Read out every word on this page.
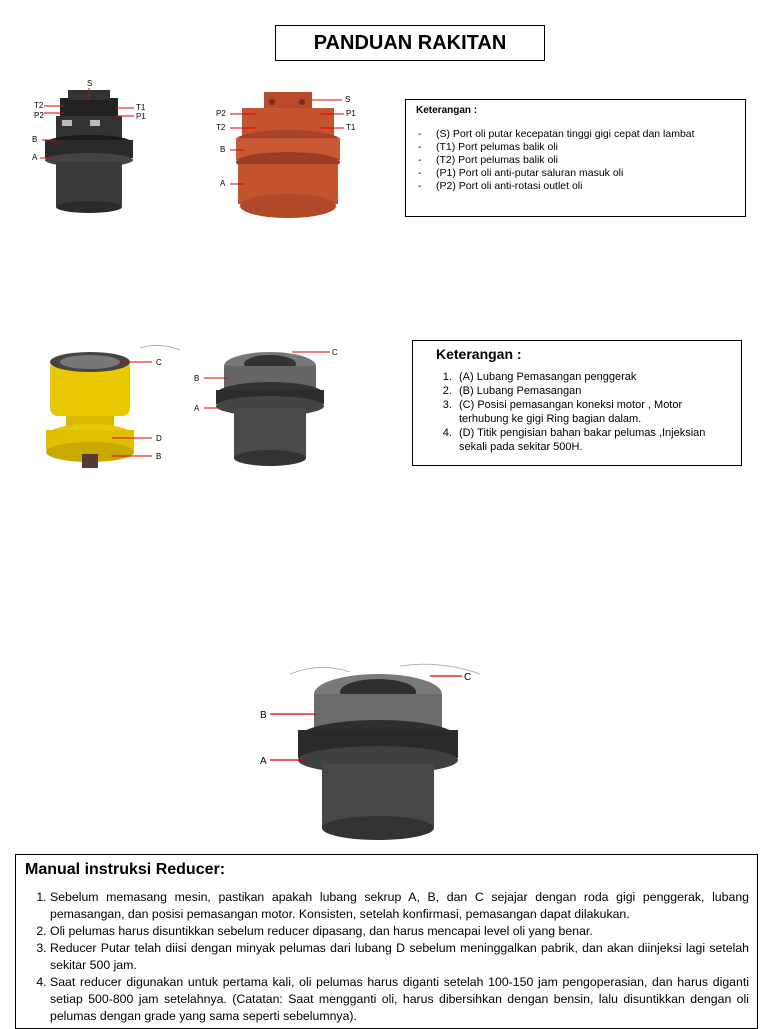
PANDUAN RAKITAN
S
T2
P2
T1
P1
B
A
P2
T2
S
P1
T1
B
A
Keterangan :
- (S) Port oli putar kecepatan tinggi gigi cepat dan lambat
- (T1) Port pelumas balik oli
- (T2) Port pelumas balik oli
- (P1) Port oli anti-putar saluran masuk oli
- (P2) Port oli anti-rotasi outlet oli
C
D
B
C
B
A
Keterangan :
1. (A) Lubang Pemasangan penggerak
2. (B) Lubang Pemasangan
3. (C) Posisi pemasangan koneksi motor , Motor terhubung ke gigi Ring bagian dalam.
4. (D) Titik pengisian bahan bakar pelumas ,Injeksian sekali pada sekitar 500H.
C
B
A
Manual instruksi Reducer:
1. Sebelum memasang mesin, pastikan apakah lubang sekrup A, B, dan C sejajar dengan roda gigi penggerak, lubang pemasangan, dan posisi pemasangan motor. Konsisten, setelah konfirmasi, pemasangan dapat dilakukan.
2. Oli pelumas harus disuntikkan sebelum reducer dipasang, dan harus mencapai level oli yang benar.
3. Reducer Putar telah diisi dengan minyak pelumas dari lubang D sebelum meninggalkan pabrik, dan akan diinjeksi lagi setelah sekitar 500 jam.
4. Saat reducer digunakan untuk pertama kali, oli pelumas harus diganti setelah 100-150 jam pengoperasian, dan harus diganti setiap 500-800 jam setelahnya. (Catatan: Saat mengganti oli, harus dibersihkan dengan bensin, lalu disuntikkan dengan oli pelumas dengan grade yang sama seperti sebelumnya).
